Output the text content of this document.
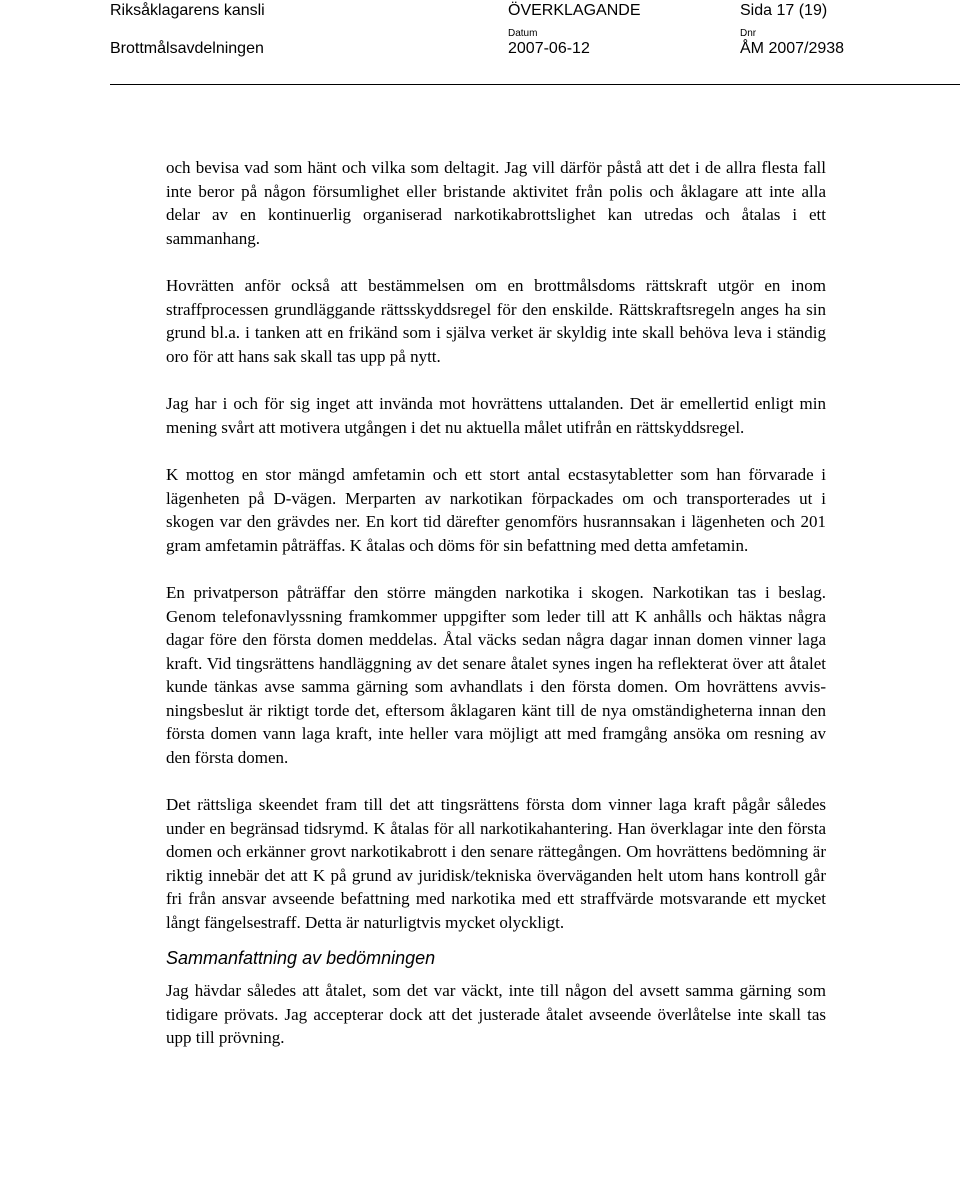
Riksåklagarens kansli	ÖVERKLAGANDE	Sida 17 (19)
Brottmålsavdelningen
Datum
2007-06-12
Dnr
ÅM 2007/2938

och bevisa vad som hänt och vilka som deltagit. Jag vill därför påstå att det i de allra flesta fall inte beror på någon försumlighet eller bristande aktivitet från polis och åklagare att inte alla delar av en kontinuerlig organiserad narkotikabrottslighet kan utredas och åtalas i ett sammanhang.

Hovrätten anför också att bestämmelsen om en brottmålsdoms rättskraft utgör en inom straffprocessen grundläggande rättsskyddsregel för den enskilde. Rättskraftsregeln anges ha sin grund bl.a. i tanken att en frikänd som i själva verket är skyldig inte skall behöva leva i ständig oro för att hans sak skall tas upp på nytt.

Jag har i och för sig inget att invända mot hovrättens uttalanden. Det är emellertid enligt min mening svårt att motivera utgången i det nu aktuella målet utifrån en rättskyddsregel.

K mottog en stor mängd amfetamin och ett stort antal ecstasytabletter som han förvarade i lägenheten på D-vägen. Merparten av narkotikan förpackades om och transporterades ut i skogen var den grävdes ner. En kort tid därefter genomförs husrannsakan i lägenheten och 201 gram amfetamin påträffas. K åtalas och döms för sin befattning med detta amfetamin.

En privatperson påträffar den större mängden narkotika i skogen. Narkotikan tas i beslag. Genom telefonavlyssning framkommer uppgifter som leder till att K anhålls och häktas några dagar före den första domen meddelas. Åtal väcks sedan några dagar innan domen vinner laga kraft. Vid tingsrättens handläggning av det senare åtalet synes ingen ha reflekterat över att åtalet kunde tänkas avse samma gärning som avhandlats i den första domen. Om hovrättens avvisningsbeslut är riktigt torde det, eftersom åklagaren känt till de nya omständigheterna innan den första domen vann laga kraft, inte heller vara möjligt att med framgång ansöka om resning av den första domen.

Det rättsliga skeendet fram till det att tingsrättens första dom vinner laga kraft pågår således under en begränsad tidsrymd. K åtalas för all narkotikahantering. Han överklagar inte den första domen och erkänner grovt narkotikabrott i den senare rättegången. Om hovrättens bedömning är riktig innebär det att K på grund av juridisk/tekniska överväganden helt utom hans kontroll går fri från ansvar avseende befattning med narkotika med ett straffvärde motsvarande ett mycket långt fängelsestraff. Detta är naturligtvis mycket olyckligt.

Sammanfattning av bedömningen

Jag hävdar således att åtalet, som det var väckt, inte till någon del avsett samma gärning som tidigare prövats. Jag accepterar dock att det justerade åtalet avseende överlåtelse inte skall tas upp till prövning.
